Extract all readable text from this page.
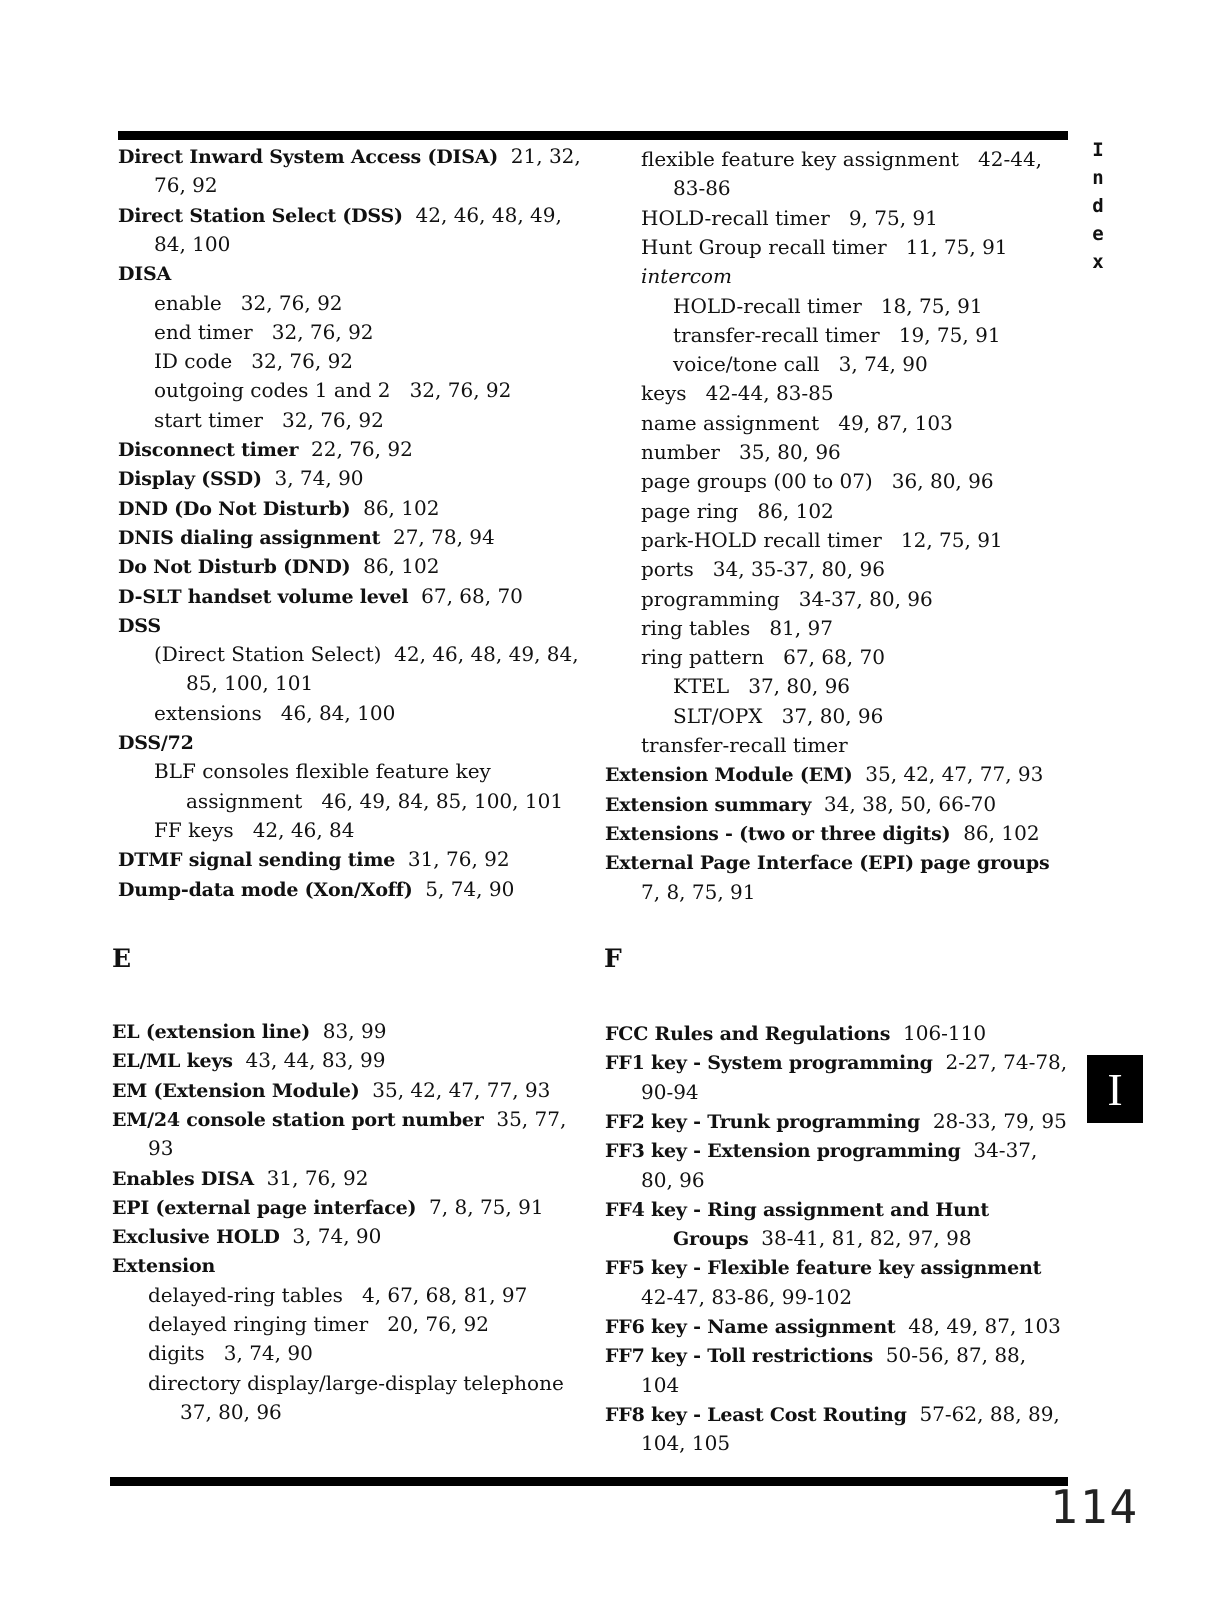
Direct Inward System Access (DISA)  21, 32,
76, 92
Direct Station Select (DSS)  42, 46, 48, 49,
84, 100
DISA
enable   32, 76, 92
end timer   32, 76, 92
ID code   32, 76, 92
outgoing codes 1 and 2   32, 76, 92
start timer   32, 76, 92
Disconnect timer  22, 76, 92
Display (SSD)  3, 74, 90
DND (Do Not Disturb)  86, 102
DNIS dialing assignment  27, 78, 94
Do Not Disturb (DND)  86, 102
D-SLT handset volume level  67, 68, 70
DSS
(Direct Station Select)  42, 46, 48, 49, 84,
85, 100, 101
extensions   46, 84, 100
DSS/72
BLF consoles flexible feature key
assignment   46, 49, 84, 85, 100, 101
FF keys   42, 46, 84
DTMF signal sending time  31, 76, 92
Dump-data mode (Xon/Xoff)  5, 74, 90
flexible feature key assignment   42-44,
83-86
HOLD-recall timer   9, 75, 91
Hunt Group recall timer   11, 75, 91
intercom
HOLD-recall timer   18, 75, 91
transfer-recall timer   19, 75, 91
voice/tone call   3, 74, 90
keys   42-44, 83-85
name assignment   49, 87, 103
number   35, 80, 96
page groups (00 to 07)   36, 80, 96
page ring   86, 102
park-HOLD recall timer   12, 75, 91
ports   34, 35-37, 80, 96
programming   34-37, 80, 96
ring tables   81, 97
ring pattern   67, 68, 70
KTEL   37, 80, 96
SLT/OPX   37, 80, 96
transfer-recall timer
Extension Module (EM)  35, 42, 47, 77, 93
Extension summary  34, 38, 50, 66-70
Extensions - (two or three digits)  86, 102
External Page Interface (EPI) page groups
7, 8, 75, 91
E	F
EL (extension line)  83, 99
EL/ML keys  43, 44, 83, 99
EM (Extension Module)  35, 42, 47, 77, 93
EM/24 console station port number  35, 77,
93
Enables DISA  31, 76, 92
EPI (external page interface)  7, 8, 75, 91
Exclusive HOLD  3, 74, 90
Extension
delayed-ring tables   4, 67, 68, 81, 97
delayed ringing timer   20, 76, 92
digits   3, 74, 90
directory display/large-display telephone
37, 80, 96
FCC Rules and Regulations  106-110
FF1 key - System programming  2-27, 74-78,
90-94
FF2 key - Trunk programming  28-33, 79, 95
FF3 key - Extension programming  34-37,
80, 96
FF4 key - Ring assignment and Hunt
Groups  38-41, 81, 82, 97, 98
FF5 key - Flexible feature key assignment
42-47, 83-86, 99-102
FF6 key - Name assignment  48, 49, 87, 103
FF7 key - Toll restrictions  50-56, 87, 88,
104
FF8 key - Least Cost Routing  57-62, 88, 89,
104, 105
I
n
d
e
x
I
114
